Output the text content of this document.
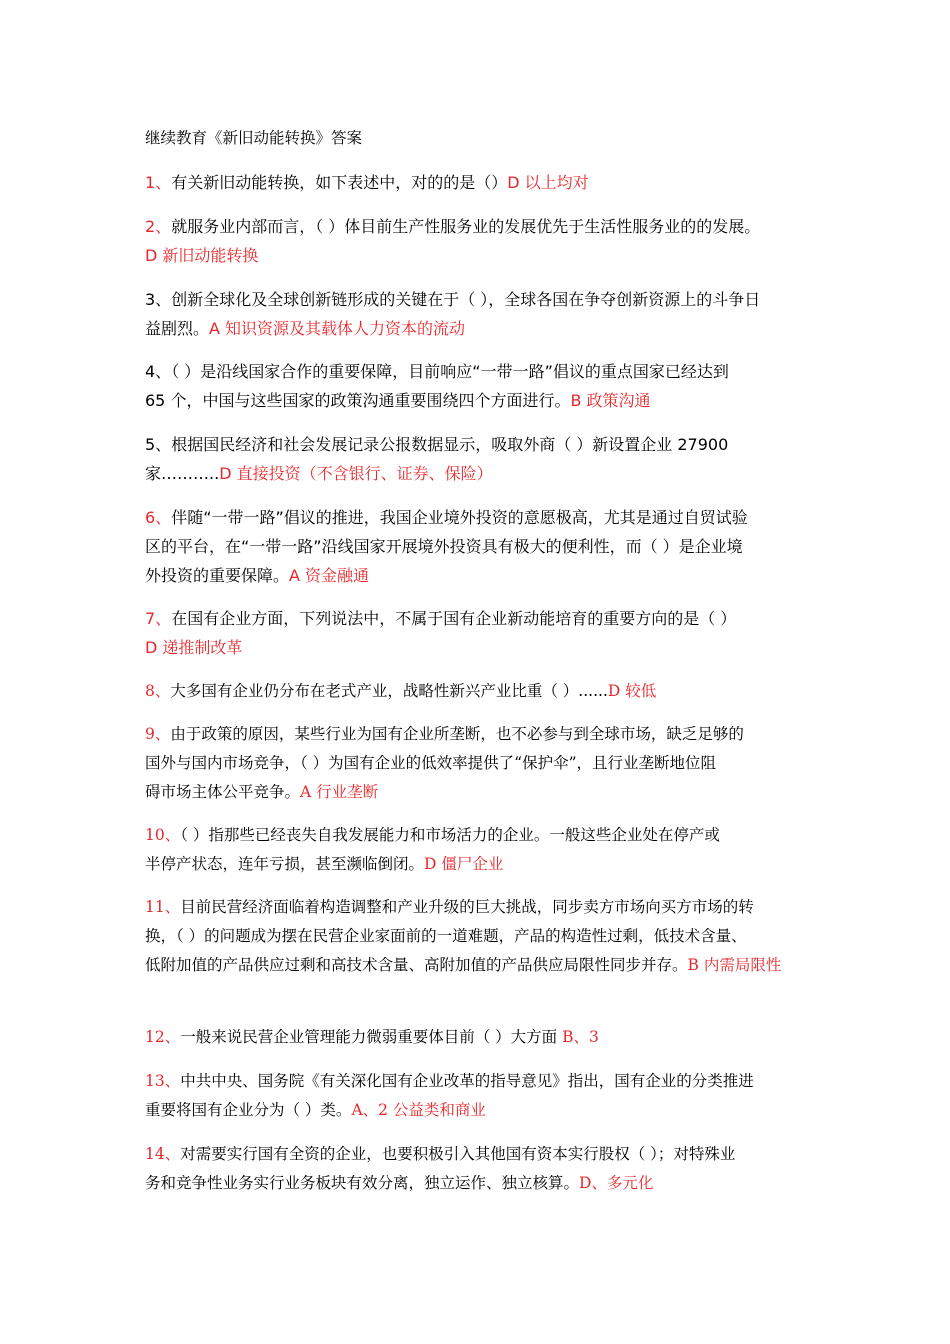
继续教育《新旧动能转换》答案
1、有关新旧动能转换，如下表述中，对的的是（）D 以上均对
2、就服务业内部而言，（ ）体目前生产性服务业的发展优先于生活性服务业的的发展。
D 新旧动能转换
3、创新全球化及全球创新链形成的关键在于（ ），全球各国在争夺创新资源上的斗争日
益剧烈。A 知识资源及其载体人力资本的流动
4、（ ）是沿线国家合作的重要保障，目前响应“一带一路”倡议的重点国家已经达到
65 个，中国与这些国家的政策沟通重要围绕四个方面进行。B 政策沟通
5、根据国民经济和社会发展记录公报数据显示，吸取外商（ ）新设置企业 27900
家………..D 直接投资（不含银行、证券、保险）
6、伴随“一带一路”倡议的推进，我国企业境外投资的意愿极高，尤其是通过自贸试验
区的平台，在“一带一路”沿线国家开展境外投资具有极大的便利性，而（ ）是企业境
外投资的重要保障。A 资金融通
7、在国有企业方面，下列说法中，不属于国有企业新动能培育的重要方向的是（ ）
D 递推制改革
8、大多国有企业仍分布在老式产业，战略性新兴产业比重（ ）......D 较低
9、由于政策的原因，某些行业为国有企业所垄断，也不必参与到全球市场，缺乏足够的
国外与国内市场竞争，（ ）为国有企业的低效率提供了“保护伞”，且行业垄断地位阻
碍市场主体公平竞争。A 行业垄断
10、（ ）指那些已经丧失自我发展能力和市场活力的企业。一般这些企业处在停产或
半停产状态，连年亏损，甚至濒临倒闭。D 僵尸企业
11、目前民营经济面临着构造调整和产业升级的巨大挑战，同步卖方市场向买方市场的转
换，（ ）的问题成为摆在民营企业家面前的一道难题，产品的构造性过剩，低技术含量、
低附加值的产品供应过剩和高技术含量、高附加值的产品供应局限性同步并存。B 内需局限性
12、一般来说民营企业管理能力微弱重要体目前（ ）大方面 B、3
13、中共中央、国务院《有关深化国有企业改革的指导意见》指出，国有企业的分类推进
重要将国有企业分为（ ）类。A、2 公益类和商业
14、对需要实行国有全资的企业，也要积极引入其他国有资本实行股权（ ）；对特殊业
务和竞争性业务实行业务板块有效分离，独立运作、独立核算。D、多元化
